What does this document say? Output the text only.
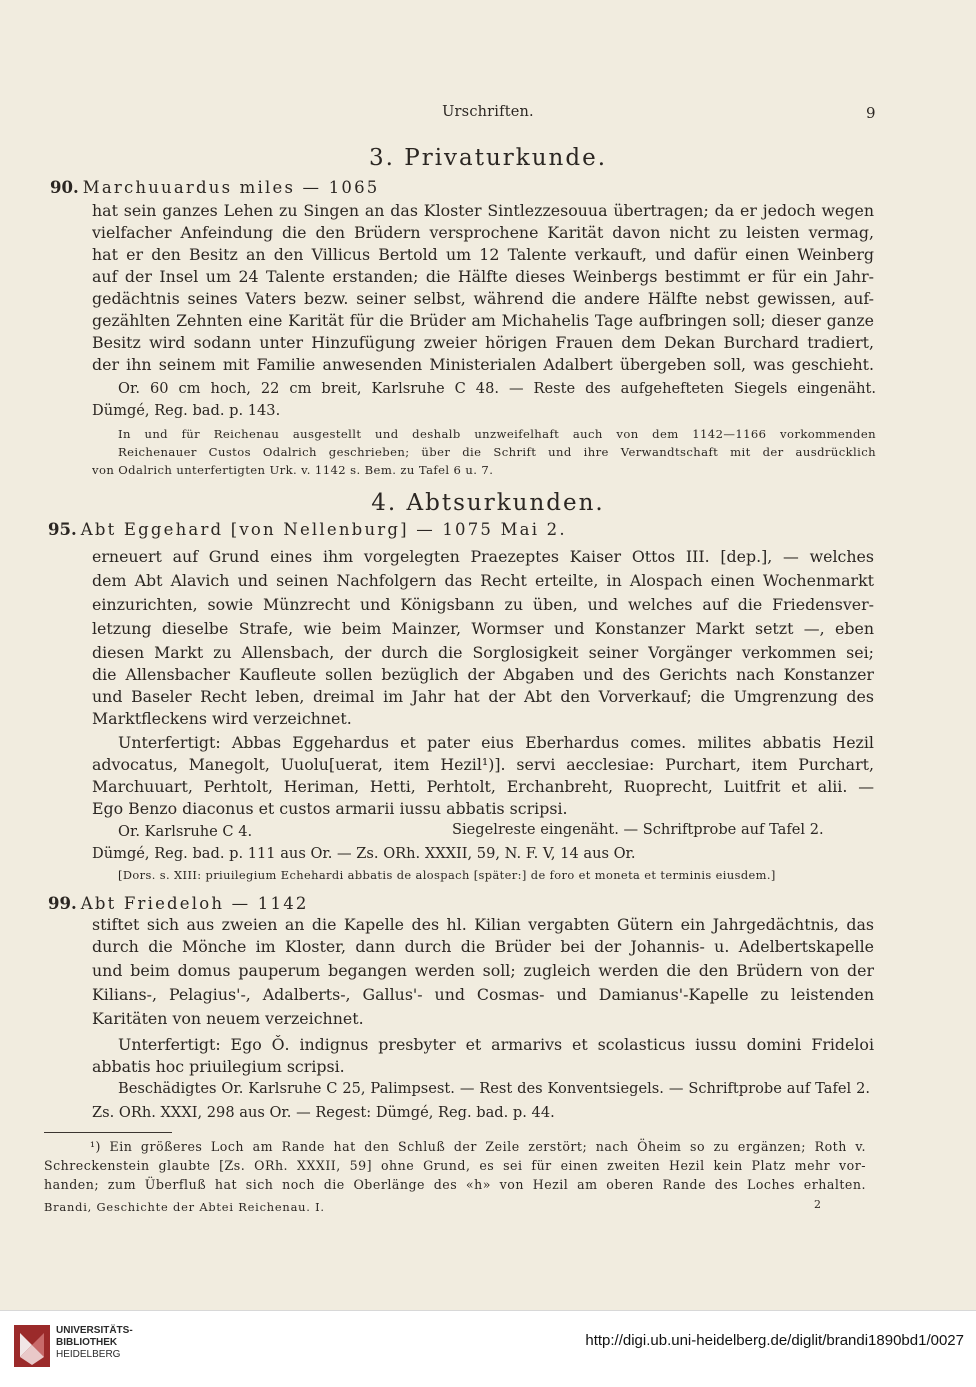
Urschriften.	9
3. Privaturkunde.
90. Marchuuardus miles — 1065
hat sein ganzes Lehen zu Singen an das Kloster Sintlezzesouua übertragen; da er jedoch wegen
vielfacher Anfeindung die den Brüdern versprochene Karität davon nicht zu leisten vermag,
hat er den Besitz an den Villicus Bertold um 12 Talente verkauft, und dafür einen Weinberg
auf der Insel um 24 Talente erstanden; die Hälfte dieses Weinbergs bestimmt er für ein Jahr-
gedächtnis seines Vaters bezw. seiner selbst, während die andere Hälfte nebst gewissen, auf-
gezählten Zehnten eine Karität für die Brüder am Michahelis Tage aufbringen soll; dieser ganze
Besitz wird sodann unter Hinzufügung zweier hörigen Frauen dem Dekan Burchard tradiert,
der ihn seinem mit Familie anwesenden Ministerialen Adalbert übergeben soll, was geschieht.
Or. 60 cm hoch, 22 cm breit, Karlsruhe C 48. — Reste des aufgehefteten Siegels eingenäht.
Dümgé, Reg. bad. p. 143.
In und für Reichenau ausgestellt und deshalb unzweifelhaft auch von dem 1142—1166 vorkommenden
Reichenauer Custos Odalrich geschrieben; über die Schrift und ihre Verwandtschaft mit der ausdrücklich
von Odalrich unterfertigten Urk. v. 1142 s. Bem. zu Tafel 6 u. 7.
4. Abtsurkunden.
95. Abt Eggehard [von Nellenburg] — 1075 Mai 2.
erneuert auf Grund eines ihm vorgelegten Praezeptes Kaiser Ottos III. [dep.], — welches
dem Abt Alavich und seinen Nachfolgern das Recht erteilte, in Alospach einen Wochenmarkt
einzurichten, sowie Münzrecht und Königsbann zu üben, und welches auf die Friedensver-
letzung dieselbe Strafe, wie beim Mainzer, Wormser und Konstanzer Markt setzt —, eben
diesen Markt zu Allensbach, der durch die Sorglosigkeit seiner Vorgänger verkommen sei;
die Allensbacher Kaufleute sollen bezüglich der Abgaben und des Gerichts nach Konstanzer
und Baseler Recht leben, dreimal im Jahr hat der Abt den Vorverkauf; die Umgrenzung des
Marktfleckens wird verzeichnet.
Unterfertigt: Abbas Eggehardus et pater eius Eberhardus comes. milites abbatis Hezil
advocatus, Manegolt, Uuolu[uerat, item Hezil¹)]. servi aecclesiae: Purchart, item Purchart,
Marchuuart, Perhtolt, Heriman, Hetti, Perhtolt, Erchanbreht, Ruoprecht, Luitfrit et alii. —
Ego Benzo diaconus et custos armarii iussu abbatis scripsi.
Or. Karlsruhe C 4.	Siegelreste eingenäht. — Schriftprobe auf Tafel 2.
Dümgé, Reg. bad. p. 111 aus Or. — Zs. ORh. XXXII, 59, N. F. V, 14 aus Or.
[Dors. s. XIII: priuilegium Echehardi abbatis de alospach [später:] de foro et moneta et terminis eiusdem.]
99. Abt Friedeloh — 1142
stiftet sich aus zweien an die Kapelle des hl. Kilian vergabten Gütern ein Jahrgedächtnis, das
durch die Mönche im Kloster, dann durch die Brüder bei der Johannis- u. Adelbertskapelle
und beim domus pauperum begangen werden soll; zugleich werden die den Brüdern von der
Kilians-, Pelagius'-, Adalberts-, Gallus'- und Cosmas- und Damianus'-Kapelle zu leistenden
Karitäten von neuem verzeichnet.
Unterfertigt: Ego Ǒ. indignus presbyter et armarivs et scolasticus iussu domini Frideloi
abbatis hoc priuilegium scripsi.
Beschädigtes Or. Karlsruhe C 25, Palimpsest. — Rest des Konventsiegels. — Schriftprobe auf Tafel 2.
Zs. ORh. XXXI, 298 aus Or. — Regest: Dümgé, Reg. bad. p. 44.
¹) Ein größeres Loch am Rande hat den Schluß der Zeile zerstört; nach Öheim so zu ergänzen; Roth v.
Schreckenstein glaubte [Zs. ORh. XXXII, 59] ohne Grund, es sei für einen zweiten Hezil kein Platz mehr vor-
handen; zum Überfluß hat sich noch die Oberlänge des «h» von Hezil am oberen Rande des Loches erhalten.
Brandi, Geschichte der Abtei Reichenau. I.	2
UNIVERSITÄTS-
BIBLIOTHEK
HEIDELBERG
http://digi.ub.uni-heidelberg.de/diglit/brandi1890bd1/0027
